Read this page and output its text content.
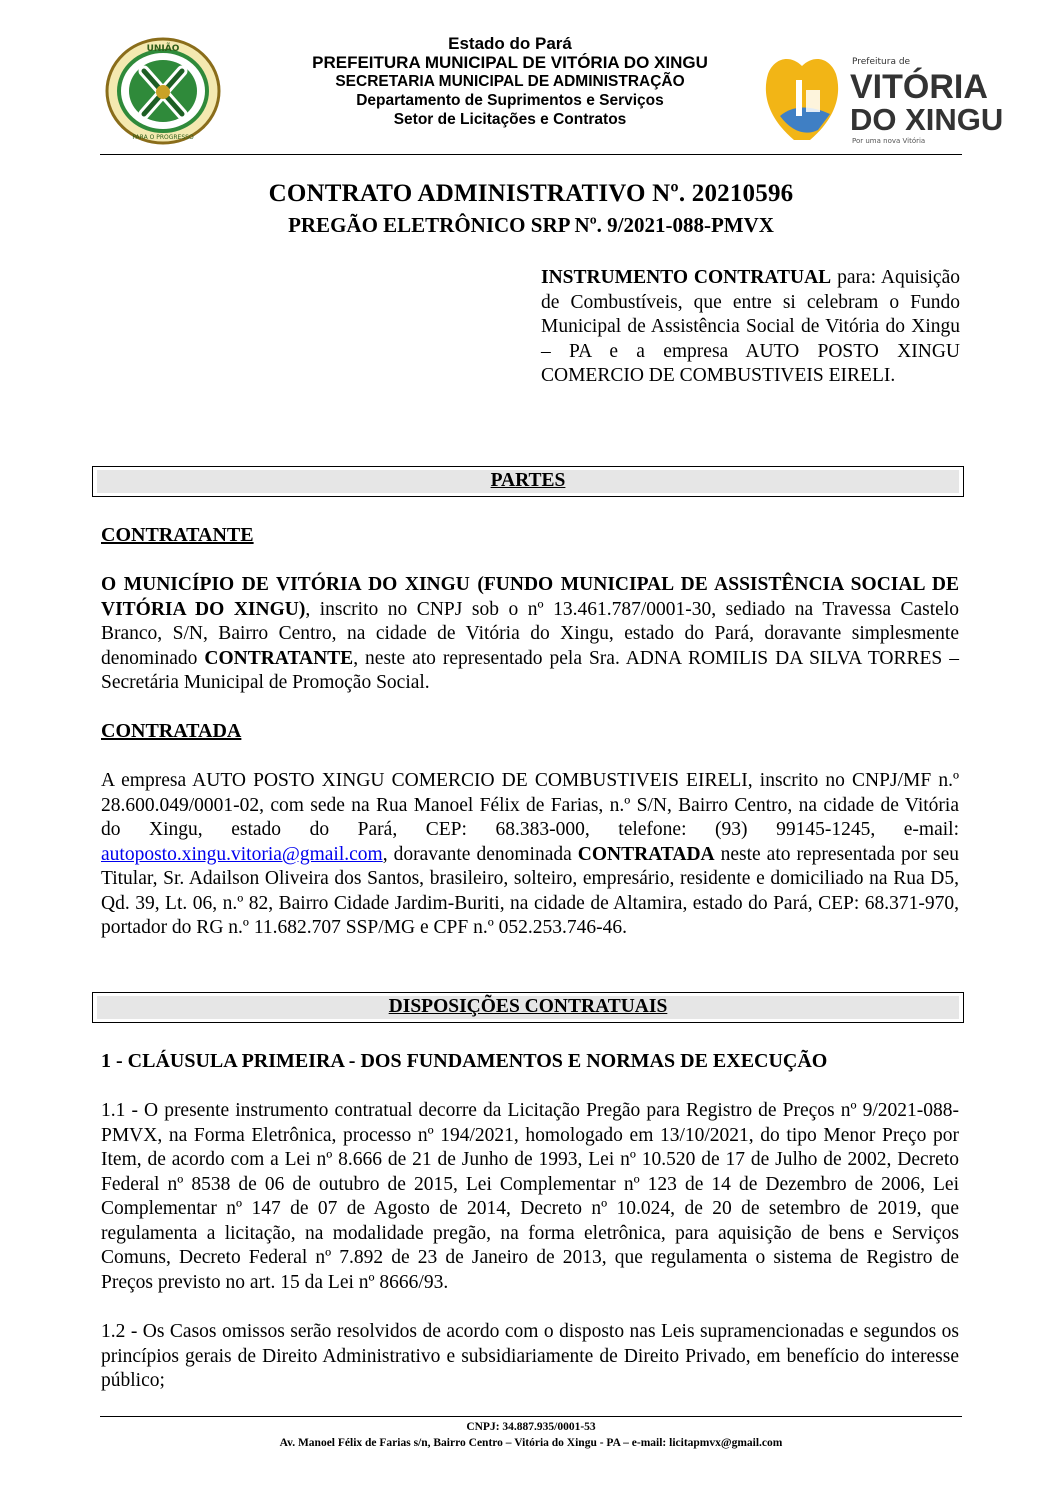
UNIÃO
PARA O PROGRESSO
Estado do Pará
PREFEITURA MUNICIPAL DE VITÓRIA DO XINGU
SECRETARIA MUNICIPAL DE ADMINISTRAÇÃO
Departamento de Suprimentos e Serviços
Setor de Licitações e Contratos
Prefeitura de
VITÓRIA
DO XINGU
Por uma nova Vitória
CONTRATO ADMINISTRATIVO Nº. 20210596
PREGÃO ELETRÔNICO SRP Nº. 9/2021-088-PMVX
INSTRUMENTO CONTRATUAL para: Aquisição de Combustíveis, que entre si celebram o Fundo Municipal de Assistência Social de Vitória do Xingu – PA e a empresa AUTO POSTO XINGU COMERCIO DE COMBUSTIVEIS EIRELI.
PARTES
CONTRATANTE
O MUNICÍPIO DE VITÓRIA DO XINGU (FUNDO MUNICIPAL DE ASSISTÊNCIA SOCIAL DE VITÓRIA DO XINGU), inscrito no CNPJ sob o nº 13.461.787/0001-30, sediado na Travessa Castelo Branco, S/N, Bairro Centro, na cidade de Vitória do Xingu, estado do Pará, doravante simplesmente denominado CONTRATANTE, neste ato representado pela Sra. ADNA ROMILIS DA SILVA TORRES – Secretária Municipal de Promoção Social.
CONTRATADA
A empresa AUTO POSTO XINGU COMERCIO DE COMBUSTIVEIS EIRELI, inscrito no CNPJ/MF n.º 28.600.049/0001-02, com sede na Rua Manoel Félix de Farias, n.º S/N, Bairro Centro, na cidade de Vitória do Xingu, estado do Pará, CEP: 68.383-000, telefone: (93) 99145-1245, e-mail: autoposto.xingu.vitoria@gmail.com, doravante denominada CONTRATADA neste ato representada por seu Titular, Sr. Adailson Oliveira dos Santos, brasileiro, solteiro, empresário, residente e domiciliado na Rua D5, Qd. 39, Lt. 06, n.º 82, Bairro Cidade Jardim-Buriti, na cidade de Altamira, estado do Pará, CEP: 68.371-970, portador do RG n.º 11.682.707 SSP/MG e CPF n.º 052.253.746-46.
DISPOSIÇÕES CONTRATUAIS
1 - CLÁUSULA PRIMEIRA - DOS FUNDAMENTOS E NORMAS DE EXECUÇÃO
1.1 - O presente instrumento contratual decorre da Licitação Pregão para Registro de Preços nº 9/2021-088-PMVX, na Forma Eletrônica, processo nº 194/2021, homologado em 13/10/2021, do tipo Menor Preço por Item, de acordo com a Lei nº 8.666 de 21 de Junho de 1993, Lei nº 10.520 de 17 de Julho de 2002, Decreto Federal nº 8538 de 06 de outubro de 2015, Lei Complementar nº 123 de 14 de Dezembro de 2006, Lei Complementar nº 147 de 07 de Agosto de 2014, Decreto nº 10.024, de 20 de setembro de 2019, que regulamenta a licitação, na modalidade pregão, na forma eletrônica, para aquisição de bens e Serviços Comuns, Decreto Federal nº 7.892 de 23 de Janeiro de 2013, que regulamenta o sistema de Registro de Preços previsto no art. 15 da Lei nº 8666/93.
1.2 - Os Casos omissos serão resolvidos de acordo com o disposto nas Leis supramencionadas e segundos os princípios gerais de Direito Administrativo e subsidiariamente de Direito Privado, em benefício do interesse público;
CNPJ: 34.887.935/0001-53
Av. Manoel Félix de Farias s/n, Bairro Centro – Vitória do Xingu - PA – e-mail: licitapmvx@gmail.com
